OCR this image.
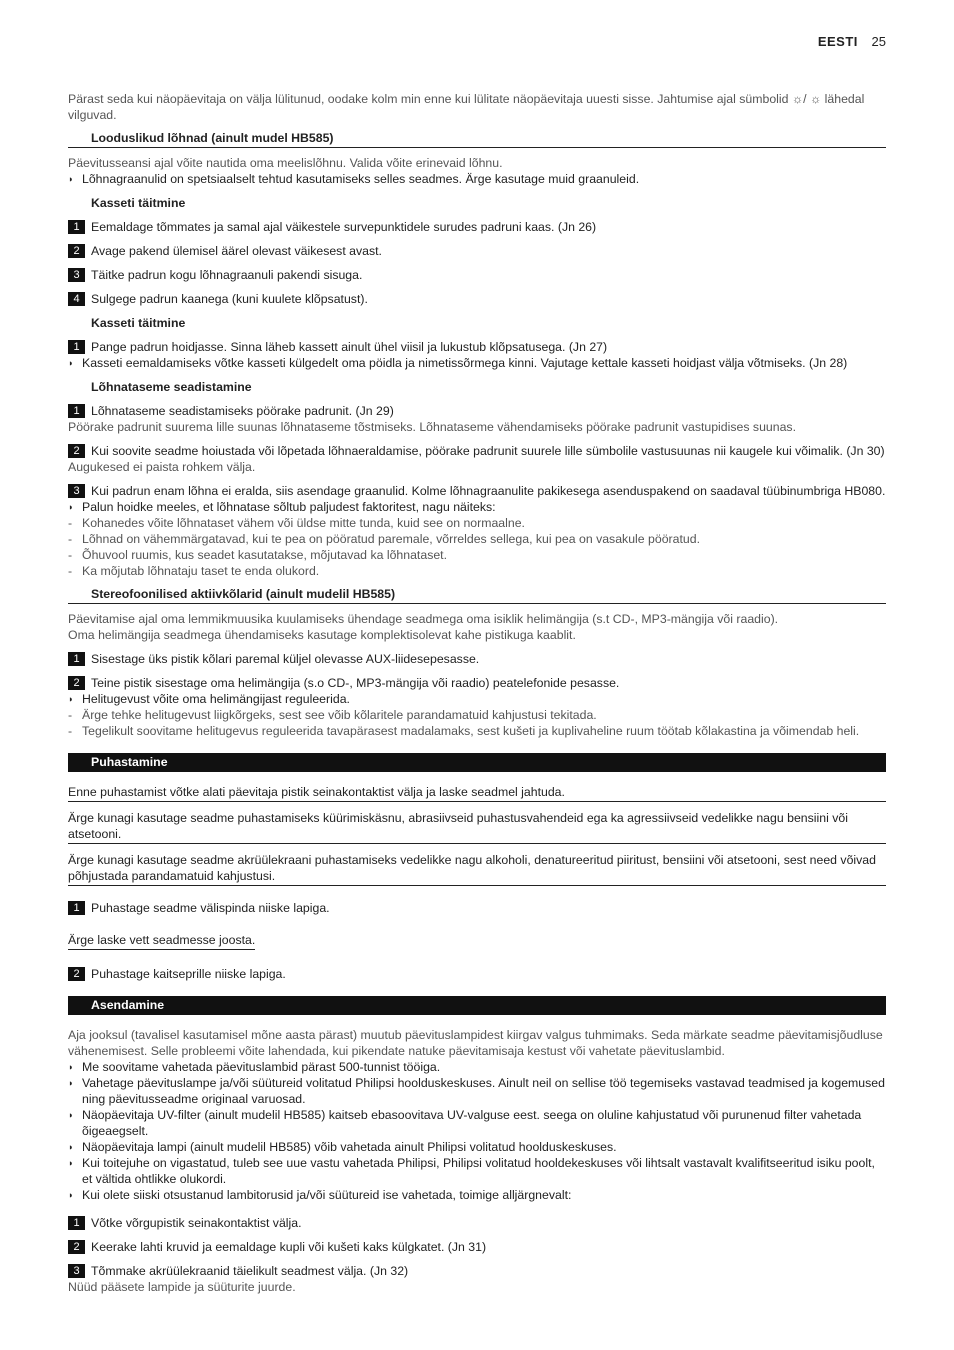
EESTI 25

Pärast seda kui näopäevitaja on välja lülitunud, oodake kolm min enne kui lülitate näopäevitaja uuesti sisse. Jahtumise ajal sümbolid ☼/ ☼ lähedal vilguvad.

Looduslikud lõhnad (ainult mudel HB585)

Päevitusseansi ajal võite nautida oma meelislõhnu. Valida võite erinevaid lõhnu.

◗ Lõhnagraanulid on spetsiaalselt tehtud kasutamiseks selles seadmes. Ärge kasutage muid graanuleid.
Kasseti täitmine
1 Eemaldage tõmmates ja samal ajal väikestele survepunktidele surudes padruni kaas. (Jn 26)
2 Avage pakend ülemisel äärel olevast väikesest avast.
3 Täitke padrun kogu lõhnagraanuli pakendi sisuga.
4 Sulgege padrun kaanega (kuni kuulete klõpsatust).
Kasseti täitmine
1 Pange padrun hoidjasse. Sinna läheb kassett ainult ühel viisil ja lukustub klõpsatusega. (Jn 27)
◗ Kasseti eemaldamiseks võtke kasseti külgedelt oma pöidla ja nimetissõrmega kinni. Vajutage kettale kasseti hoidjast välja võtmiseks. (Jn 28)
Lõhnataseme seadistamine
1 Lõhnataseme seadistamiseks pöörake padrunit. (Jn 29)

Pöörake padrunit suurema lille suunas lõhnataseme tõstmiseks. Lõhnataseme vähendamiseks pöörake padrunit vastupidises suunas.

2 Kui soovite seadme hoiustada või lõpetada lõhnaeraldamise, pöörake padrunit suurele lille sümbolile vastusuunas nii kaugele kui võimalik. (Jn 30)

Augukesed ei paista rohkem välja.

3 Kui padrun enam lõhna ei eralda, siis asendage graanulid. Kolme lõhnagraanulite pakikesega asenduspakend on saadaval tüübinumbriga HB080.
◗ Palun hoidke meeles, et lõhnatase sõltub paljudest faktoritest, nagu näiteks:
- Kohanedes võite lõhnataset vähem või üldse mitte tunda, kuid see on normaalne.
- Lõhnad on vähemmärgatavad, kui te pea on pööratud paremale, võrreldes sellega, kui pea on vasakule pööratud.
- Õhuvool ruumis, kus seadet kasutatakse, mõjutavad ka lõhnataset.
- Ka mõjutab lõhnataju taset te enda olukord.
Stereofoonilised aktiivkõlarid (ainult mudelil HB585)

Päevitamise ajal oma lemmikmuusika kuulamiseks ühendage seadmega oma isiklik helimängija (s.t CD-, MP3-mängija või raadio).

Oma helimängija seadmega ühendamiseks kasutage komplektisolevat kahe pistikuga kaablit.

1 Sisestage üks pistik kõlari paremal küljel olevasse AUX-liidesepesasse.
2 Teine pistik sisestage oma helimängija (s.o CD-, MP3-mängija või raadio) peatelefonide pesasse.
◗ Helitugevust võite oma helimängijast reguleerida.
- Ärge tehke helitugevust liigkõrgeks, sest see võib kõlaritele parandamatuid kahjustusi tekitada.
- Tegelikult soovitame helitugevus reguleerida tavapärasest madalamaks, sest kušeti ja kuplivaheline ruum töötab kõlakastina ja võimendab heli.
Puhastamine
Enne puhastamist võtke alati päevitaja pistik seinakontaktist välja ja laske seadmel jahtuda.
Ärge kunagi kasutage seadme puhastamiseks küürimiskäsnu, abrasiivseid puhastusvahendeid ega ka agressiivseid vedelikke nagu bensiini või atsetooni.
Ärge kunagi kasutage seadme akrüülekraani puhastamiseks vedelikke nagu alkoholi, denatureeritud piiritust, bensiini või atsetooni, sest need võivad põhjustada parandamatuid kahjustusi.
1 Puhastage seadme välispinda niiske lapiga.
Ärge laske vett seadmesse joosta.
2 Puhastage kaitseprille niiske lapiga.
Asendamine

Aja jooksul (tavalisel kasutamisel mõne aasta pärast) muutub päevituslampidest kiirgav valgus tuhmimaks. Seda märkate seadme päevitamisjõudluse vähenemisest. Selle probleemi võite lahendada, kui pikendate natuke päevitamisaja kestust või vahetate päevituslambid.

◗ Me soovitame vahetada päevituslambid pärast 500-tunnist tööiga.
◗ Vahetage päevituslampe ja/või süütureid volitatud Philipsi hoolduskeskuses. Ainult neil on sellise töö tegemiseks vastavad teadmised ja kogemused ning päevitusseadme originaal varuosad.
◗ Näopäevitaja UV-filter (ainult mudelil HB585) kaitseb ebasoovitava UV-valguse eest. seega on oluline kahjustatud või purunenud filter vahetada õigeaegselt.
◗ Näopäevitaja lampi (ainult mudelil HB585) võib vahetada ainult Philipsi volitatud hoolduskeskuses.
◗ Kui toitejuhe on vigastatud, tuleb see uue vastu vahetada Philipsi, Philipsi volitatud hooldekeskuses või lihtsalt vastavalt kvalifitseeritud isiku poolt, et vältida ohtlikke olukordi.
◗ Kui olete siiski otsustanud lambitorusid ja/või süütureid ise vahetada, toimige alljärgnevalt:
1 Võtke võrgupistik seinakontaktist välja.
2 Keerake lahti kruvid ja eemaldage kupli või kušeti kaks külgkatet. (Jn 31)
3 Tõmmake akrüülekraanid täielikult seadmest välja. (Jn 32)

Nüüd pääsete lampide ja süüturite juurde.
